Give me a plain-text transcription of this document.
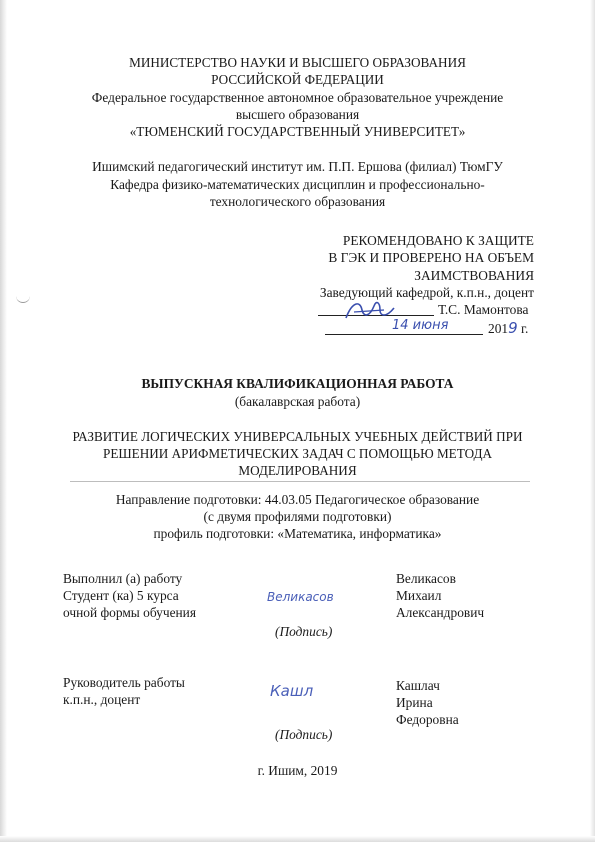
МИНИСТЕРСТВО НАУКИ И ВЫСШЕГО ОБРАЗОВАНИЯ
РОССИЙСКОЙ ФЕДЕРАЦИИ
Федеральное государственное автономное образовательное учреждение
высшего образования
«ТЮМЕНСКИЙ ГОСУДАРСТВЕННЫЙ УНИВЕРСИТЕТ»
Ишимский педагогический институт им. П.П. Ершова (филиал) ТюмГУ
Кафедра физико-математических дисциплин и профессионально-
технологического образования
РЕКОМЕНДОВАНО К ЗАЩИТЕ
В ГЭК И ПРОВЕРЕНО НА ОБЪЕМ
ЗАИМСТВОВАНИЯ
Заведующий кафедрой, к.п.н., доцент
Т.С. Мамонтова
14 июня	2019 г.
ВЫПУСКНАЯ КВАЛИФИКАЦИОННАЯ РАБОТА
(бакалаврская работа)
РАЗВИТИЕ ЛОГИЧЕСКИХ УНИВЕРСАЛЬНЫХ УЧЕБНЫХ ДЕЙСТВИЙ ПРИ
РЕШЕНИИ АРИФМЕТИЧЕСКИХ ЗАДАЧ С ПОМОЩЬЮ МЕТОДА
МОДЕЛИРОВАНИЯ
Направление подготовки: 44.03.05 Педагогическое образование
(с двумя профилями подготовки)
профиль подготовки: «Математика, информатика»
Выполнил (а) работу
Студент (ка) 5 курса
очной формы обучения
Великасов
(Подпись)
Великасов
Михаил
Александрович
Руководитель работы
к.п.н., доцент	Кашл
(Подпись)
Кашлач
Ирина
Федоровна
г. Ишим, 2019
